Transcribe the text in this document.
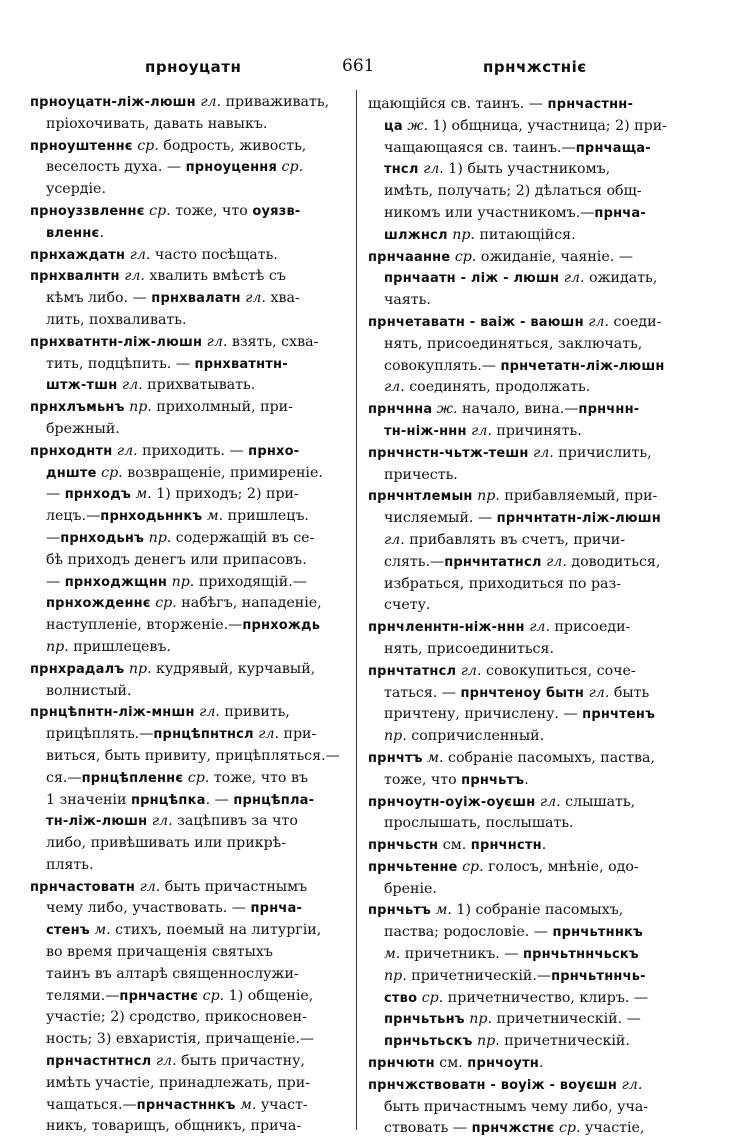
прноуцатн	661	прнҹжстніє
прноуцатн-ліж-люшн гл. приваживать,
пріохочивать, давать навыкъ.
прноуштеннє ср. бодрость, живость,
веселость духа. — прноуцення ср.
усердіе.
прноуззвленнє ср. тоже, что оуязв-
вленнє.
прнхаждатн гл. часто посѣщать.
прнхвалнтн гл. хвалить вмѣстѣ съ
кѣмъ либо. — прнхвалатн гл. хва-
лить, похваливать.
прнхватнтн-ліж-люшн гл. взять, схва-
тить, подцѣпить. — прнхватнтн-
штж-тшн гл. прихватывать.
прнхлъмьнъ пр. прихолмный, при-
брежный.
прнходнтн гл. приходить. — прнхо-
днште ср. возвращеніе, примиреніе.
— прнходъ м. 1) приходъ; 2) при-
лецъ.—прнходьннкъ м. пришлецъ.
—прнходьнъ пр. содержащій въ се-
бѣ приходъ денегъ или припасовъ.
— прнходжщнн пр. приходящій.—
прнхожденнє ср. набѣгъ, нападеніе,
наступленіе, вторженіе.—прнхождь
пр. пришлецевъ.
прнхрадалъ пр. кудрявый, курчавый,
волнистый.
прнцѣпнтн-ліж-мншн гл. привить,
прицѣплять.—прнцѣпнтнсл гл. при-
виться, быть привиту, прицѣпляться.—
ся.—прнцѣпленнє ср. тоже, что въ
1 значеніи прнцѣпка. — прнцѣпла-
тн-ліж-люшн гл. зацѣпивъ за что
либо, привѣшивать или прикрѣ-
плять.
прнчастоватн гл. быть причастнымъ
чему либо, участвовать. — прнча-
стенъ м. стихъ, поемый на литургіи,
во время причащенія святыхъ
таинъ въ алтарѣ священнослужи-
телями.—прнчастнє ср. 1) общеніе,
участіе; 2) сродство, прикосновен-
ность; 3) евхаристія, причащеніе.—
прнчастнтнсл гл. быть причастну,
имѣть участіе, принадлежать, при-
чащаться.—прнчастннкъ м. участ-
никъ, товарищъ, общникъ, прича-
щающійся св. таинъ. — прнчастнн-
ца ж. 1) общница, участница; 2) при-
чащающаяся св. таинъ.—прнчаща-
тнсл гл. 1) быть участникомъ,
имѣть, получать; 2) дѣлаться общ-
никомъ или участникомъ.—прнча-
шлжнсл пр. питающійся.
прнчаанне ср. ожиданіе, чаяніе. —
прнчаатн - ліж - люшн гл. ожидать,
чаять.
прнчетаватн - ваіж - ваюшн гл. соеди-
нять, присоединяться, заключать,
совокуплять.— прнчетатн-ліж-люшн
гл. соединять, продолжать.
прнчнна ж. начало, вина.—прнчнн-
тн-ніж-ннн гл. причинять.
прнчнстн-чьтж-тешн гл. причислить,
причесть.
прнчнтлемын пр. прибавляемый, при-
числяемый. — прнчнтатн-ліж-люшн
гл. прибавлять въ счетъ, причи-
слять.—прнчнтатнсл гл. доводиться,
избраться, приходиться по раз-
счету.
прнчленнтн-ніж-ннн гл. присоеди-
нять, присоединиться.
прнчтатнсл гл. совокупиться, соче-
таться. — прнчтеноу бытн гл. быть
причтену, причислену. — прнчтенъ
пр. сопричисленный.
прнчтъ м. собраніе пасомыхъ, паства,
тоже, что прнчьтъ.
прнчоутн-оуіж-оуєшн гл. слышать,
прослышать, послышать.
прнчьстн см. прнчнстн.
прнчьтенне ср. голосъ, мнѣніе, одо-
бреніе.
прнчьтъ м. 1) собраніе пасомыхъ,
паства; родословіе. — прнчьтннкъ
м. причетникъ. — прнчьтннчьскъ
пр. причетническій.—прнчьтннчь-
ство ср. причетничество, клиръ. —
прнчьтьнъ пр. причетническій. —
прнчьтьскъ пр. причетническій.
прнчютн см. прнчоутн.
прнчжствоватн - воуіж - воуєшн гл.
быть причастнымъ чему либо, уча-
ствовать — прнчжстнє ср. участіе,
